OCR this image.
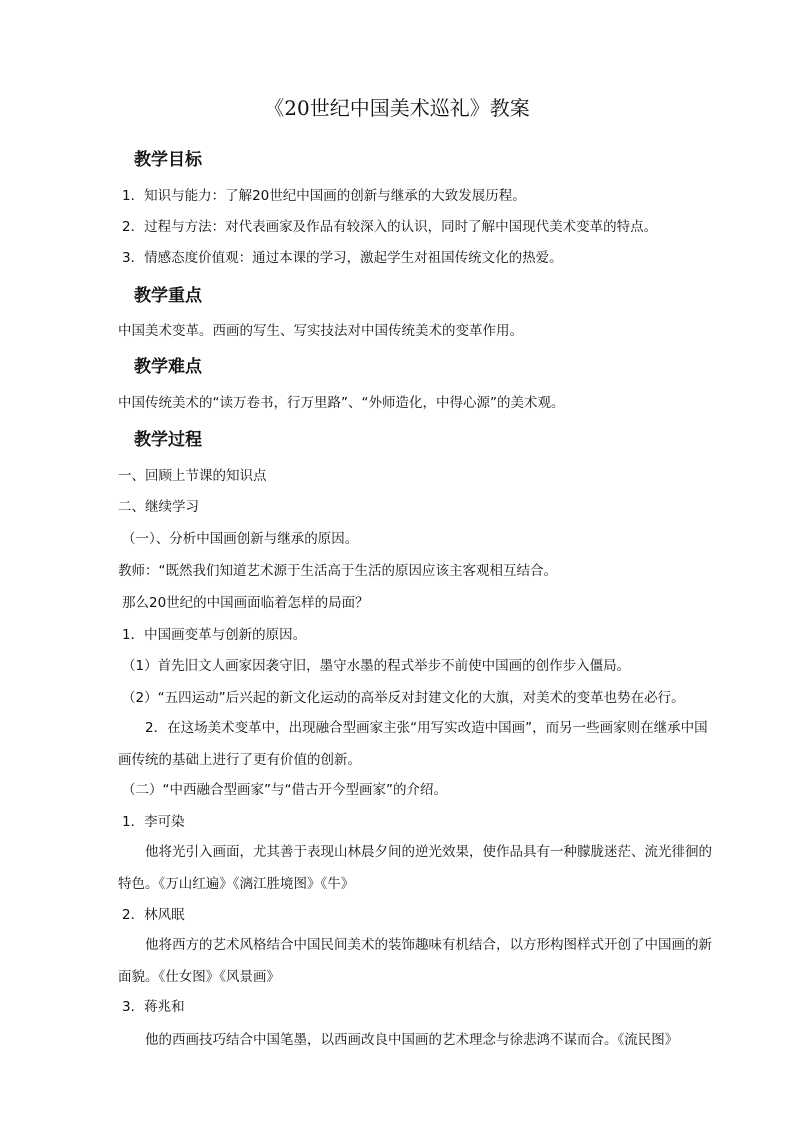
《20世纪中国美术巡礼》教案
教学目标

1．知识与能力：了解20世纪中国画的创新与继承的大致发展历程。

2．过程与方法：对代表画家及作品有较深入的认识，同时了解中国现代美术变革的特点。

3．情感态度价值观：通过本课的学习，激起学生对祖国传统文化的热爱。

教学重点

中国美术变革。西画的写生、写实技法对中国传统美术的变革作用。

教学难点

中国传统美术的“读万卷书，行万里路”、“外师造化，中得心源”的美术观。

教学过程

一、回顾上节课的知识点

二、继续学习

（一）、分析中国画创新与继承的原因。

教师：“既然我们知道艺术源于生活高于生活的原因应该主客观相互结合。

那么20世纪的中国画面临着怎样的局面？

1．中国画变革与创新的原因。

（1）首先旧文人画家因袭守旧，墨守水墨的程式举步不前使中国画的创作步入僵局。

（2）“五四运动”后兴起的新文化运动的高举反对封建文化的大旗，对美术的变革也势在必行。

2．在这场美术变革中，出现融合型画家主张“用写实改造中国画”，而另一些画家则在继承中国画传统的基础上进行了更有价值的创新。

（二）“中西融合型画家”与“借古开今型画家”的介绍。

1．李可染

他将光引入画面，尤其善于表现山林晨夕间的逆光效果，使作品具有一种朦胧迷茫、流光徘徊的特色。《万山红遍》《漓江胜境图》《牛》

2．林风眠

他将西方的艺术风格结合中国民间美术的装饰趣味有机结合，以方形构图样式开创了中国画的新面貌。《仕女图》《风景画》

3．蒋兆和

他的西画技巧结合中国笔墨，以西画改良中国画的艺术理念与徐悲鸿不谋而合。《流民图》
